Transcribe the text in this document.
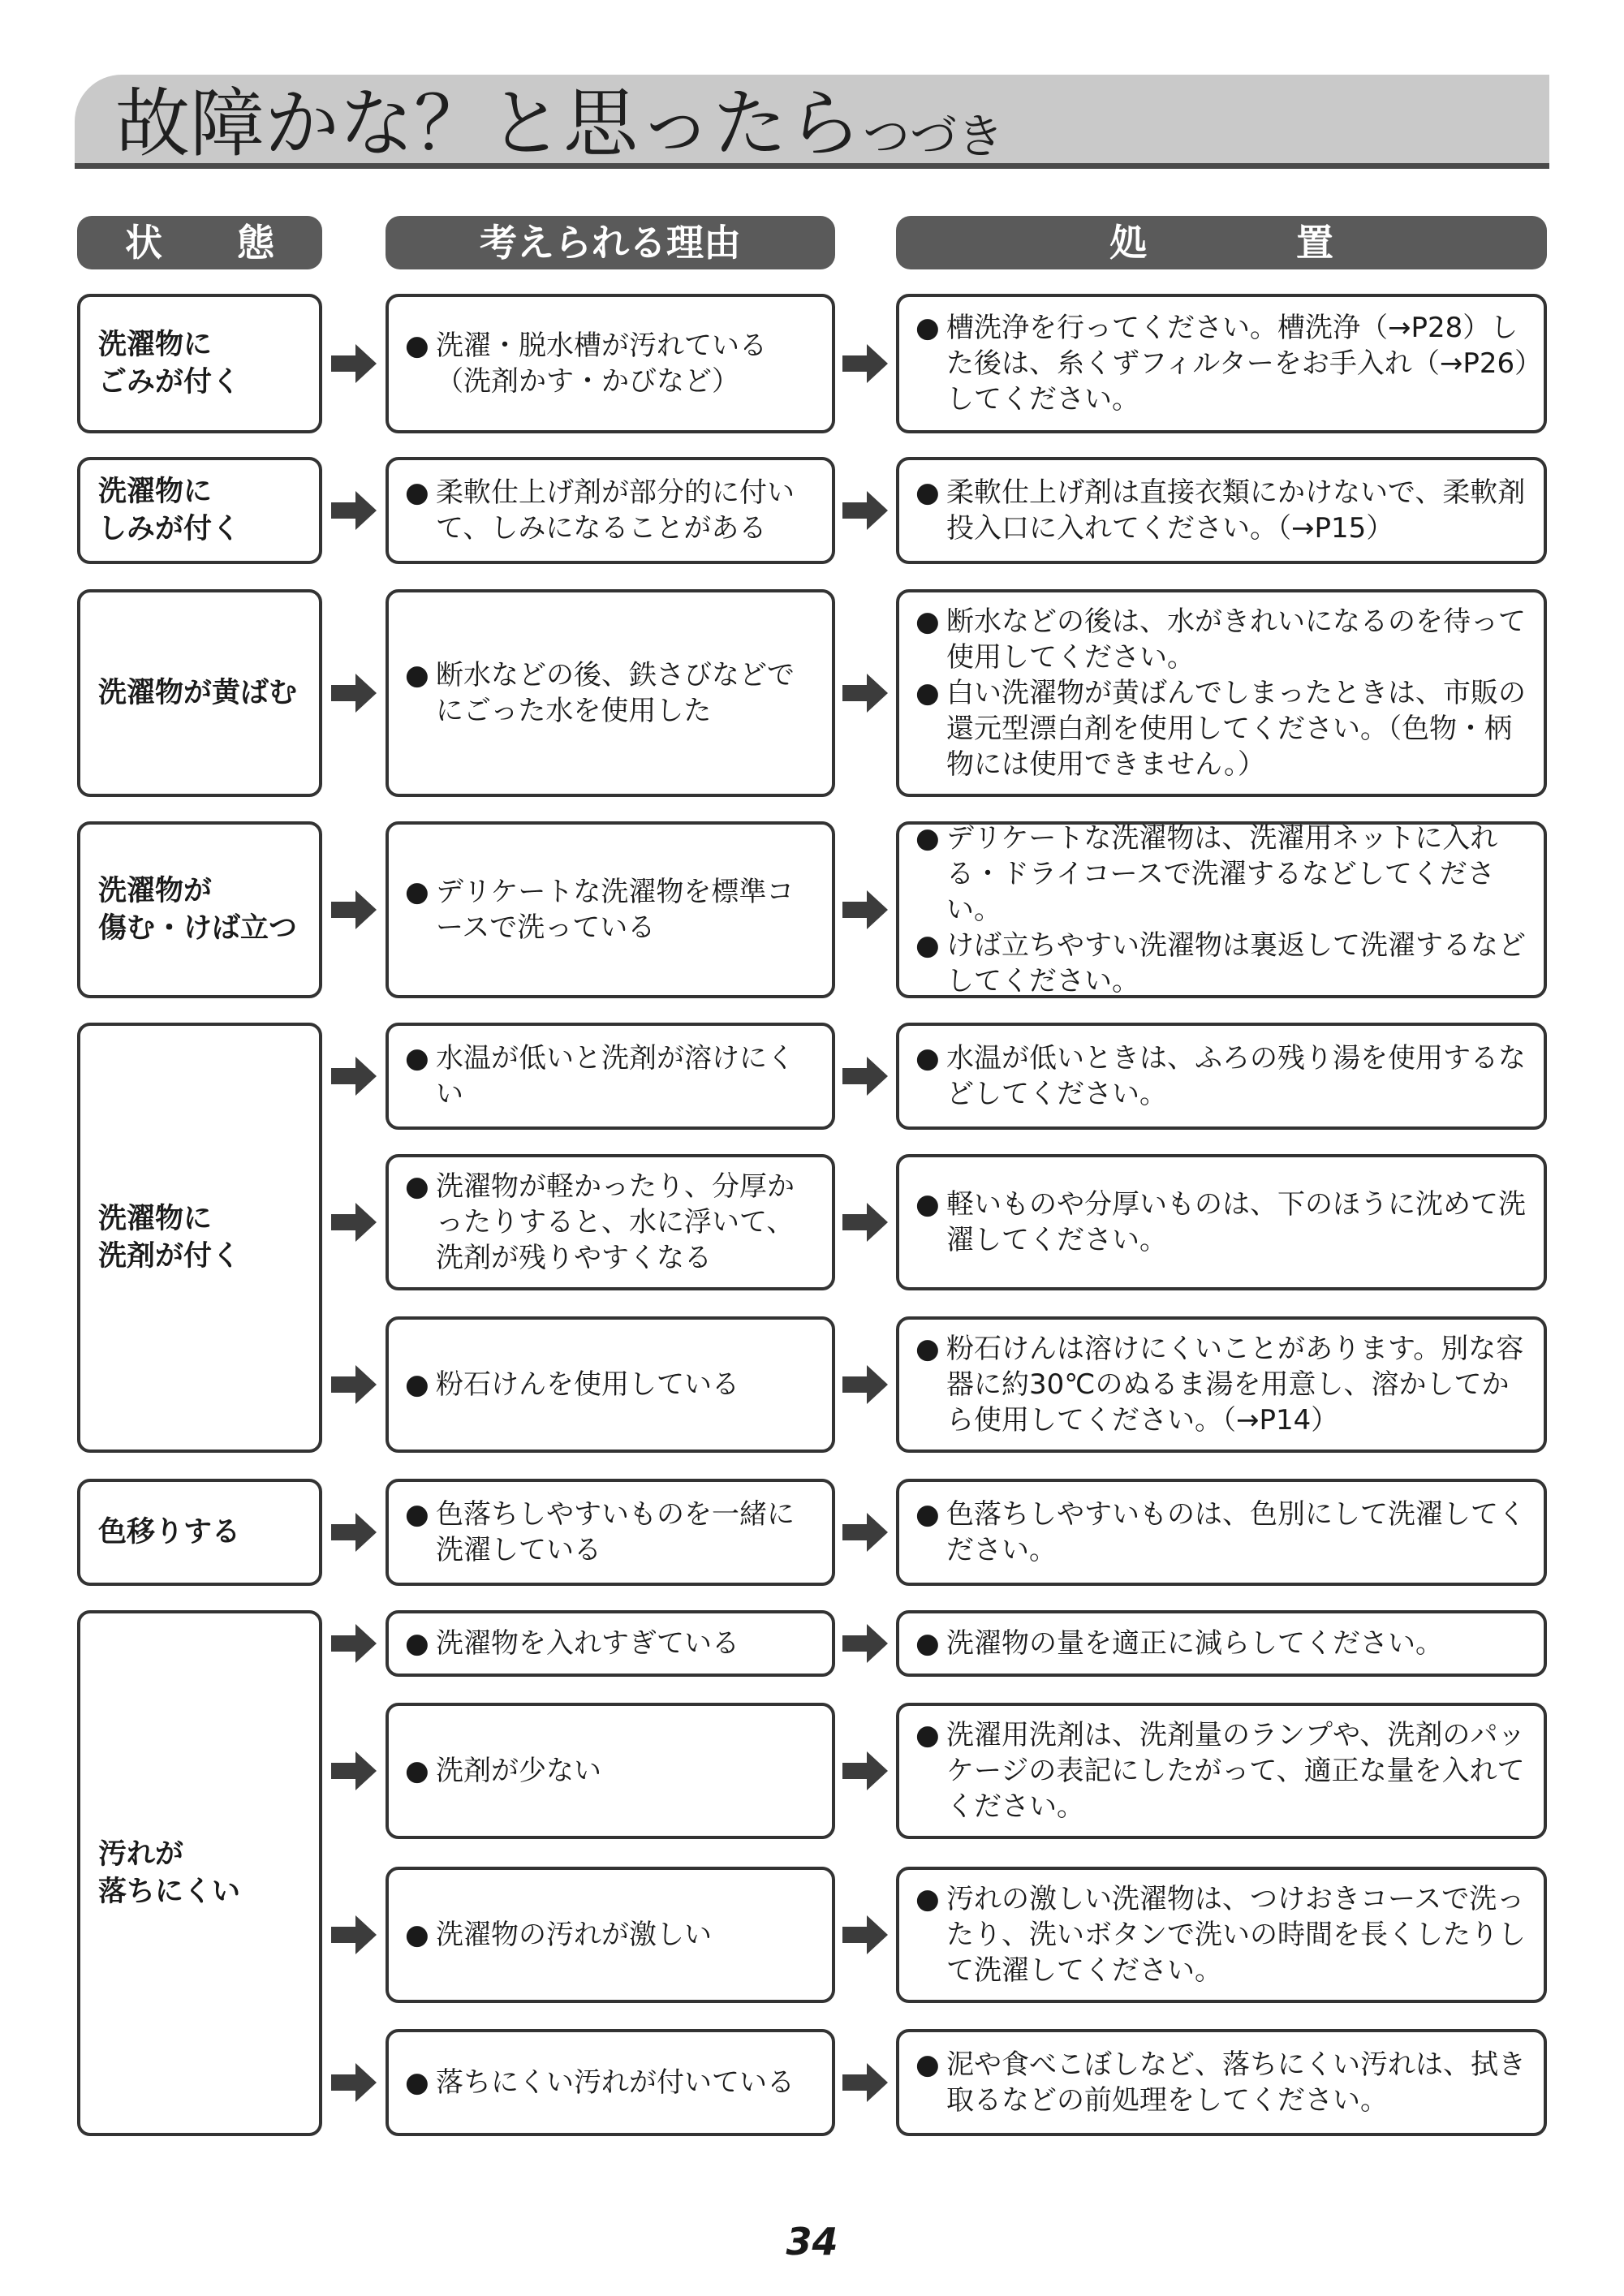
故障かな？と思ったら つづき
状　　態	考えられる理由	処　　　　置
洗濯物に
ごみが付く
● 洗濯・脱水槽が汚れている
（洗剤かす・かびなど）
● 槽洗浄を行ってください。槽洗浄（→P28）した後は、糸くずフィルターをお手入れ（→P26）してください。
洗濯物に
しみが付く
● 柔軟仕上げ剤が部分的に付いて、しみになることがある
● 柔軟仕上げ剤は直接衣類にかけないで、柔軟剤投入口に入れてください。（→P15）
洗濯物が黄ばむ
● 断水などの後、鉄さびなどでにごった水を使用した
● 断水などの後は、水がきれいになるのを待って使用してください。
● 白い洗濯物が黄ばんでしまったときは、市販の還元型漂白剤を使用してください。（色物・柄物には使用できません。）
洗濯物が
傷む・けば立つ
● デリケートな洗濯物を標準コースで洗っている
● デリケートな洗濯物は、洗濯用ネットに入れる・ドライコースで洗濯するなどしてください。
● けば立ちやすい洗濯物は裏返して洗濯するなどしてください。
洗濯物に
洗剤が付く
● 水温が低いと洗剤が溶けにくい
● 水温が低いときは、ふろの残り湯を使用するなどしてください。
● 洗濯物が軽かったり、分厚かったりすると、水に浮いて、洗剤が残りやすくなる
● 軽いものや分厚いものは、下のほうに沈めて洗濯してください。
● 粉石けんを使用している
● 粉石けんは溶けにくいことがあります。別な容器に約30℃のぬるま湯を用意し、溶かしてから使用してください。（→P14）
色移りする
● 色落ちしやすいものを一緒に洗濯している
● 色落ちしやすいものは、色別にして洗濯してください。
汚れが
落ちにくい
● 洗濯物を入れすぎている	● 洗濯物の量を適正に減らしてください。
● 洗剤が少ない
● 洗濯用洗剤は、洗剤量のランプや、洗剤のパッケージの表記にしたがって、適正な量を入れてください。
● 洗濯物の汚れが激しい
● 汚れの激しい洗濯物は、つけおきコースで洗ったり、洗いボタンで洗いの時間を長くしたりして洗濯してください。
● 落ちにくい汚れが付いている
● 泥や食べこぼしなど、落ちにくい汚れは、拭き取るなどの前処理をしてください。
34
